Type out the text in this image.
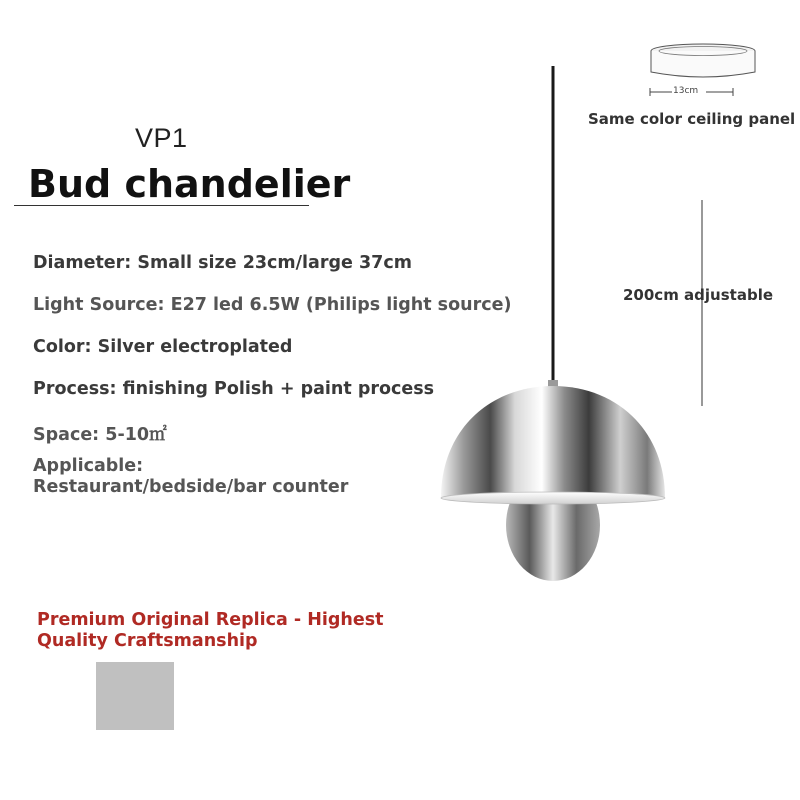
VP1
Bud chandelier
Diameter: Small size 23cm/large 37cm
Light Source: E27 led 6.5W (Philips light source)
Color: Silver electroplated
Process: finishing Polish + paint process
Space: 5-10㎡
Applicable:
Restaurant/bedside/bar counter
Premium Original Replica - Highest
Quality Craftsmanship
13cm
Same color ceiling panel
200cm adjustable
